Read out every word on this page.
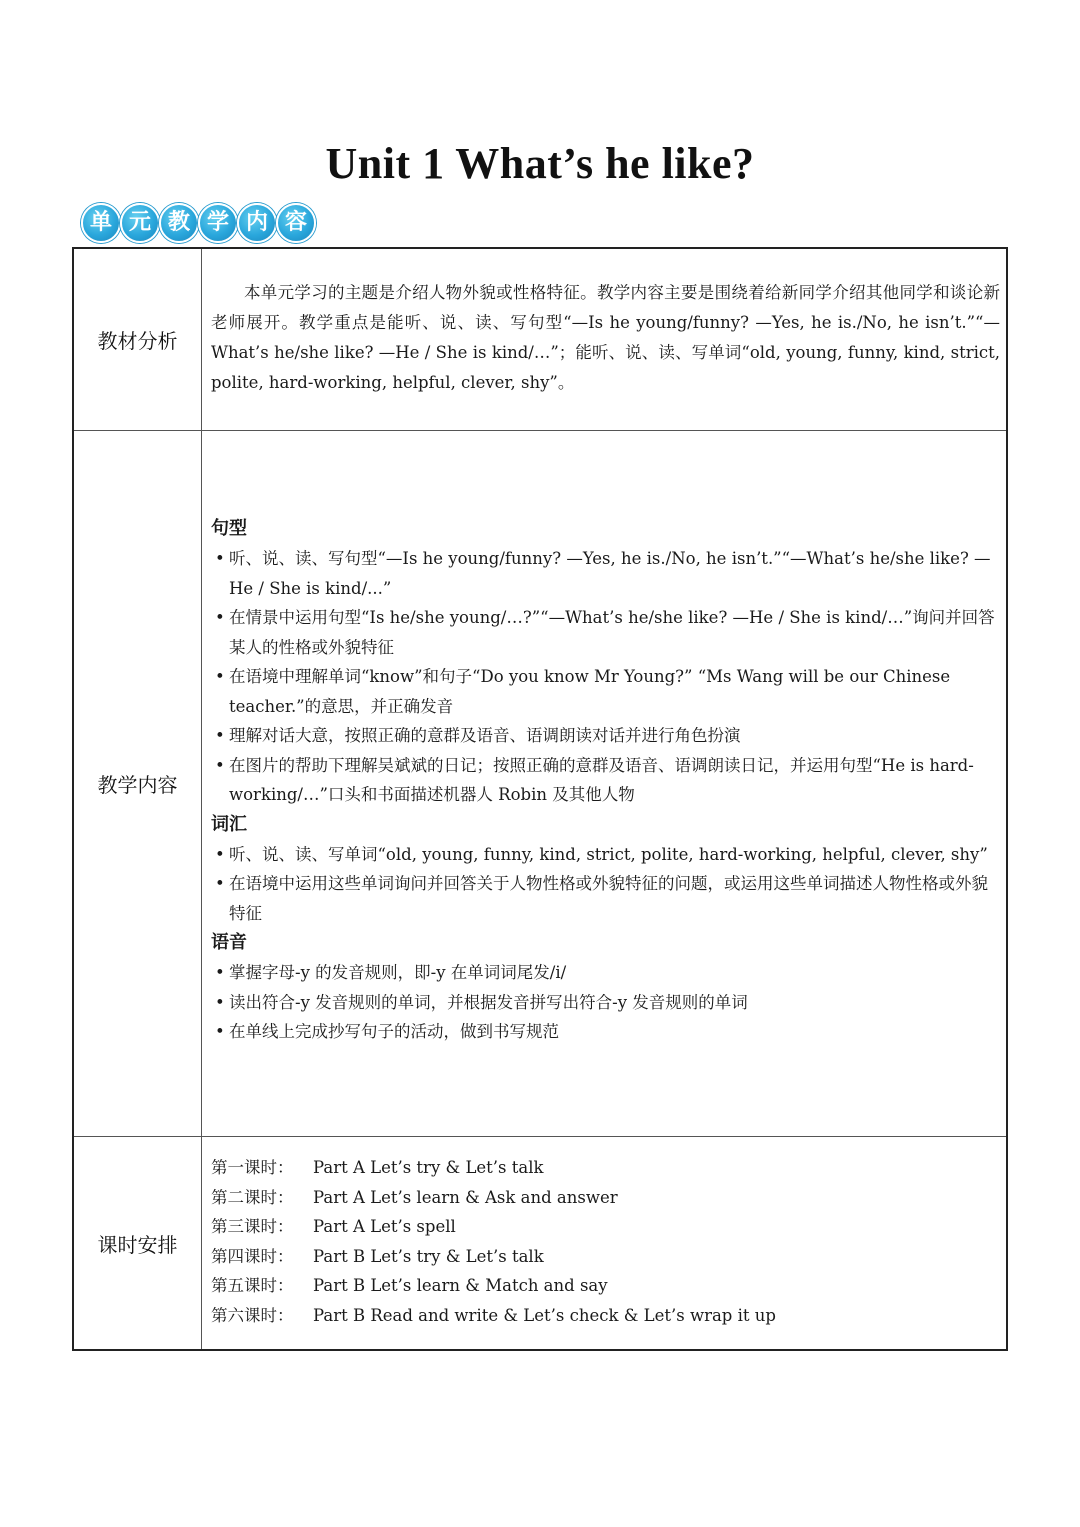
Unit 1 What’s he like?
单 元 教 学 内 容
教材分析
本单元学习的主题是介绍人物外貌或性格特征。教学内容主要是围绕着给新同学介绍其他同学和谈论新老师展开。教学重点是能听、说、读、写句型“—Is he young/funny? —Yes, he is./No, he isn’t.”“—What’s he/she like? —He / She is kind/…”；能听、说、读、写单词“old, young, funny, kind, strict, polite, hard-working, helpful, clever, shy”。
教学内容
句型
• 听、说、读、写句型“—Is he young/funny? —Yes, he is./No, he isn’t.”“—What’s he/she like? —He / She is kind/...”
• 在情景中运用句型“Is he/she young/…?”“—What’s he/she like? —He / She is kind/…”询问并回答某人的性格或外貌特征
• 在语境中理解单词“know”和句子“Do you know Mr Young?” “Ms Wang will be our Chinese teacher.”的意思，并正确发音
• 理解对话大意，按照正确的意群及语音、语调朗读对话并进行角色扮演
• 在图片的帮助下理解吴斌斌的日记；按照正确的意群及语音、语调朗读日记，并运用句型“He is hard-working/…”口头和书面描述机器人 Robin 及其他人物
词汇
• 听、说、读、写单词“old, young, funny, kind, strict, polite, hard-working, helpful, clever, shy”
• 在语境中运用这些单词询问并回答关于人物性格或外貌特征的问题，或运用这些单词描述人物性格或外貌特征
语音
• 掌握字母-y 的发音规则，即-y 在单词词尾发/i/
• 读出符合-y 发音规则的单词，并根据发音拼写出符合-y 发音规则的单词
• 在单线上完成抄写句子的活动，做到书写规范
课时安排
第一课时： Part A Let’s try & Let’s talk
第二课时： Part A Let’s learn & Ask and answer
第三课时： Part A Let’s spell
第四课时： Part B Let’s try & Let’s talk
第五课时： Part B Let’s learn & Match and say
第六课时： Part B Read and write & Let’s check & Let’s wrap it up
